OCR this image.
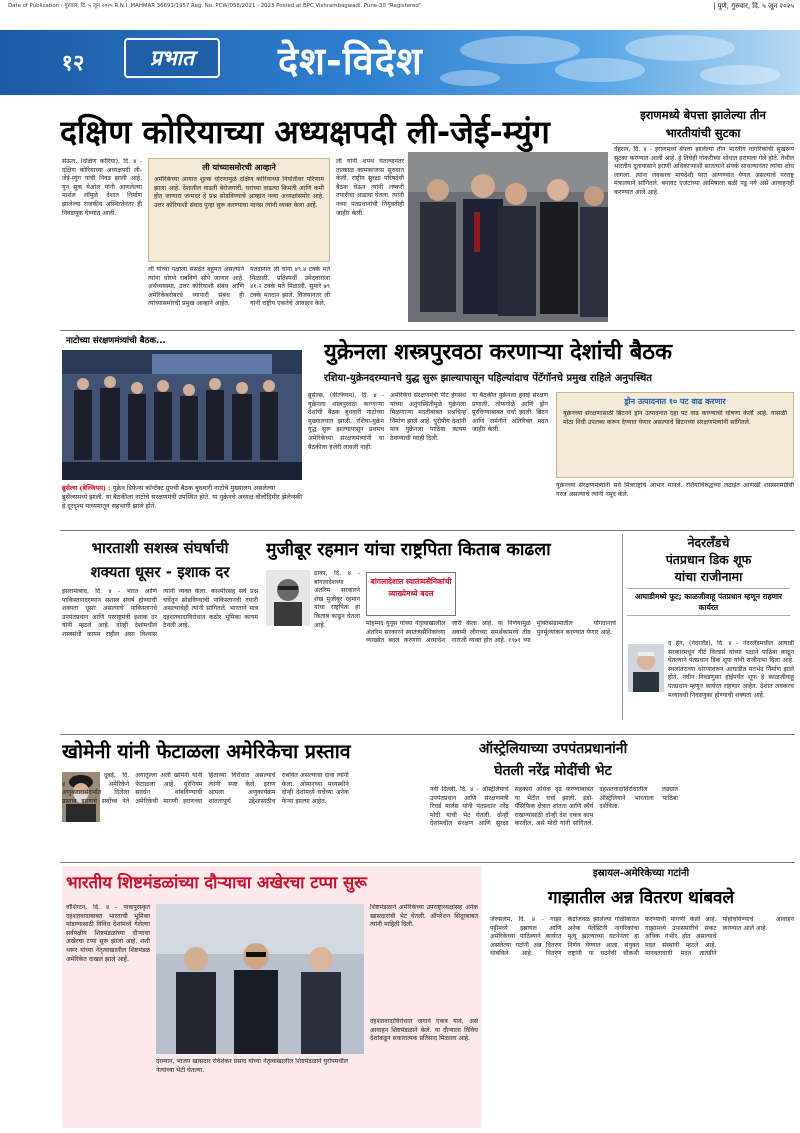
Date of Publication : गुरुवार, दि. ५ जून २०२५ R.N.I. MAHMAR 36691/1957 Reg. No. PCW/058/2021 - 2023 Posted at BPC Vishrambagwadi, Pune-30 "Registered"	| पुणे, गुरुवार, दि. ५ जून २०२५
१२	प्रभात देश-विदेश
दक्षिण कोरियाच्या अध्यक्षपदी ली-जेई-म्युंग
सेऊल, (दक्षिण कोरिया), दि. ४ - दक्षिण कोरियाच्या अध्यक्षपदी ली-जेई-म्युंग यांची निवड झाली आहे. युन सुक येओल यांनी आणलेल्या मार्शल लॉमुळे देशात निर्माण झालेल्या राजकीय अस्थिरतेनंतर ही निवडणूक घेण्यात आली.
ली यांच्या पक्षाला संसदेत बहुमत असल्याने त्यांना धोरणे राबविणे सोपे जाणार आहे. अर्थव्यवस्था, उत्तर कोरियाशी संबंध आणि अमेरिकेबरोबरचे व्यापारी संबंध ही त्यांच्यासमोरची प्रमुख आव्हाने आहेत.
ली यांच्यासमोरची आव्हाने
अमेरिकेच्या आयात शुल्क धोरणामुळे दक्षिण कोरियाच्या निर्यातीवर परिणाम झाला आहे. देशातील वाढती बेरोजगारी, घरांच्या वाढत्या किमती आणि कमी होत जाणारा जन्मदर हे प्रश्न सोडविण्याचे आव्हान नव्या अध्यक्षांसमोर आहे. उत्तर कोरियाशी संवाद पुन्हा सुरू करण्याचा मानस त्यांनी व्यक्त केला आहे.
मतदानात ली यांना ४९.४ टक्के मते मिळाली. प्रतिस्पर्धी उमेदवाराला ४१.२ टक्के मते मिळाली. सुमारे ७९ टक्के मतदान झाले. विजयानंतर ली यांनी राष्ट्रीय एकतेचे आवाहन केले.
ली यांनी शपथ घेतल्यानंतर तात्काळ कामकाजास सुरुवात केली. राष्ट्रीय सुरक्षा परिषदेची बैठक घेऊन त्यांनी लष्करी तयारीचा आढावा घेतला. त्यांनी नव्या पंतप्रधानांची नियुक्तीही जाहीर केली.
इराणमध्ये बेपत्ता झालेल्या तीन भारतीयांची सुटका
तेहरान, दि. ४ - इराणमध्ये बेपत्ता झालेल्या तीन भारतीय नागरिकांची सुखरूप सुटका करण्यात आली आहे. हे तिघेही नोकरीच्या शोधात इराणला गेले होते. तेथील भारतीय दूतावासाने इराणी अधिकाऱ्यांशी सातत्याने संपर्क साधल्यानंतर त्यांचा शोध लागला. त्यांना लवकरच मायदेशी परत आणण्यात येणार असल्याचे परराष्ट्र मंत्रालयाने सांगितले. बनावट एजंटांच्या आमिषाला बळी पडू नये असे आवाहनही करण्यात आले आहे.
नाटोच्या संरक्षणमंत्र्यांची बैठक...
ब्रुसेल्स (बेल्जियम) : युक्रेन डिफेन्स कॉन्टॅक्ट ग्रुपची बैठक बुधवारी नाटोचे मुख्यालय असलेल्या ब्रुसेल्समध्ये झाली. या बैठकीला नाटोचे संरक्षणमंत्री उपस्थित होते. या युक्रेनचे अध्यक्ष वोलोदिमीर झेलेन्स्की हे दूरदृश्य माध्यमातून सहभागी झाले होते.
युक्रेनला शस्त्रपुरवठा करणाऱ्या देशांची बैठक
रशिया-युक्रेनदरम्यानचे युद्ध सुरू झाल्यापासून पहिल्यांदाच पेंटॅगॉनचे प्रमुख राहिले अनुपस्थित
ब्रुसेल्स, (बेल्जियम), दि. ४ - युक्रेनला शस्त्रपुरवठा करणाऱ्या देशांची बैठक बुधवारी नाटोच्या मुख्यालयात झाली. रशिया-युक्रेन युद्ध सुरू झाल्यापासून प्रथमच अमेरिकेच्या संरक्षणमंत्र्यांनी या बैठकीला हजेरी लावली नाही.
अमेरिकेचे संरक्षणमंत्री पीट हेगसेथ यांच्या अनुपस्थितीमुळे युक्रेनला मिळणाऱ्या मदतीबाबत प्रश्नचिन्ह निर्माण झाले आहे. युरोपीय देशांनी मात्र युक्रेनला पाठिंबा कायम ठेवण्याची ग्वाही दिली.
या बैठकीत युक्रेनला हवाई संरक्षण प्रणाली, तोफगोळे आणि ड्रोन पुरविण्याबाबत चर्चा झाली. ब्रिटन आणि जर्मनीने अतिरिक्त मदत जाहीर केली.
ड्रोन उत्पादनात १० पट वाढ करणार
युक्रेनच्या संरक्षणासाठी ब्रिटनने ड्रोन उत्पादनात दहा पट वाढ करण्याची घोषणा केली आहे. यासाठी मोठा निधी उपलब्ध करून देण्यात येणार असल्याचे ब्रिटनच्या संरक्षणमंत्र्यांनी सांगितले.
युक्रेनच्या संरक्षणमंत्र्यांनी सर्व मित्रराष्ट्रांचे आभार मानले. रशियाविरुद्धच्या लढाईत आणखी शस्त्रसामग्रीची गरज असल्याचे त्यांनी नमूद केले.
भारताशी सशस्त्र संघर्षाची
शक्यता धूसर - इशाक दर
इस्लामाबाद, दि. ४ - भारत आणि पाकिस्तानदरम्यान सशस्त्र संघर्ष होण्याची शक्यता धूसर असल्याचे पाकिस्तानचे उपपंतप्रधान आणि परराष्ट्रमंत्री इशाक दर यांनी म्हटले आहे. दोन्ही देशांमधील शस्त्रसंधी कायम राहील असा विश्वास त्यांनी व्यक्त केला. काश्मीरसह सर्व प्रश्न चर्चेतून सोडविण्याची पाकिस्तानची तयारी असल्याचेही त्यांनी सांगितले. भारताने मात्र दहशतवादाविरोधात कठोर भूमिका कायम ठेवली आहे.
मुजीबूर रहमान यांचा राष्ट्रपिता किताब काढला
ढाका, दि. ४ - बांगलादेशच्या अंतरिम सरकारने शेख मुजीबूर रहमान यांचा राष्ट्रपिता हा किताब काढून घेतला आहे.
बांगलादेशात स्वातंत्र्यसैनिकांची व्याख्येमध्ये बदल
मोहम्मद युनूस यांच्या नेतृत्वाखालील अंतरिम सरकारने स्वातंत्र्यसैनिकांच्या व्याख्येत बदल करणारा अध्यादेश जारी केला आहे. या निर्णयामुळे अवामी लीगच्या समर्थकांमध्ये तीव्र नाराजी व्यक्त होत आहे. १९७१ च्या मुक्तिसंग्रामातील योगदानाचे पुनर्मूल्यांकन करण्यात येणार आहे.
नेदरलॅंडचे
पंतप्रधान डिक शूफ
यांचा राजीनामा
आघाडीमध्ये फूट; काळजीवाहू पंतप्रधान म्हणून राहणार कार्यरत
द हेग, (नेदरलॅंड), दि. ४ - नेदरलॅंडमधील आघाडी सरकारमधून गीर्ट विल्डर्स यांच्या पक्षाने पाठिंबा काढून घेतल्याने पंतप्रधान डिक शूफ यांनी राजीनामा दिला आहे. स्थलांतराच्या धोरणावरून आघाडीत मतभेद निर्माण झाले होते. नवीन निवडणुका होईपर्यंत शूफ हे काळजीवाहू पंतप्रधान म्हणून कार्यरत राहणार आहेत. देशात लवकरच मध्यावधी निवडणुका होण्याची शक्यता आहे.
खोमेनी यांनी फेटाळला अमेरिकेचा प्रस्ताव
दुबई, दि. ४ - अमेरिकेने अणुकरारासंदर्भात दिलेला प्रस्ताव इराणचे सर्वोच्च नेते अयातुल्ला अली खोमेनी यांनी फेटाळला आहे. युरेनियम संवर्धन थांबविण्याची अमेरिकेची मागणी इराणच्या हिताच्या विरोधात असल्याचे त्यांनी स्पष्ट केले. इराण आपला अणुकार्यक्रम शांततापूर्ण उद्देशासाठीच राबवित असल्याचा दावा त्यांनी केला. ओमानच्या मध्यस्थीने दोन्ही देशांमध्ये चर्चेच्या अनेक फेऱ्या झाल्या आहेत.
ऑस्ट्रेलियाच्या उपपंतप्रधानांनी
घेतली नरेंद्र मोदींची भेट
नवी दिल्ली, दि. ४ - ऑस्ट्रेलियाचे उपपंतप्रधान आणि संरक्षणमंत्री रिचर्ड मार्लस यांनी पंतप्रधान नरेंद्र मोदी यांची भेट घेतली. दोन्ही देशांमधील संरक्षण आणि सुरक्षा सहकार्य अधिक दृढ करण्याबाबत या भेटीत चर्चा झाली. इंडो-पॅसिफिक क्षेत्रात शांतता आणि स्थैर्य राखण्यासाठी दोन्ही देश एकत्र काम करतील, असे मोदी यांनी सांगितले. दहशतवादाविरोधातील लढ्यात ऑस्ट्रेलियाने भारताला पाठिंबा दर्शविला.
भारतीय शिष्टमंडळांच्या दौऱ्याचा अखेरचा टप्पा सुरू
वॉशिंग्टन, दि. ४ - पाकपुरस्कृत दहशतवादाबाबत भारताची भूमिका मांडण्यासाठी विविध देशांमध्ये गेलेल्या सर्वपक्षीय शिष्टमंडळांच्या दौऱ्याचा अखेरचा टप्पा सुरू झाला आहे. शशी थरूर यांच्या नेतृत्वाखालील शिष्टमंडळ अमेरिकेत दाखल झाले आहे.
दरम्यान, भाजप खासदार रविशंकर प्रसाद यांच्या नेतृत्वाखालील शिष्टमंडळाने युरोपमधील नेत्यांच्या भेटी घेतल्या.
शिष्टमंडळाने अमेरिकेच्या उपराष्ट्राध्यक्षांसह अनेक खासदारांची भेट घेतली. ऑपरेशन सिंदूरबाबत त्यांनी माहिती दिली.
दहशतवादाविरोधात जगाने एकत्र यावे, असे आवाहन शिष्टमंडळाने केले. या दौऱ्याला विविध देशांकडून सकारात्मक प्रतिसाद मिळाला आहे.
इस्रायल-अमेरिकेच्या गटांनी
गाझातील अन्न वितरण थांबवले
जेरुसलेम, दि. ४ - गाझा पट्टीमध्ये इस्रायल आणि अमेरिकेच्या पाठिंब्याने कार्यरत असलेल्या गटांनी अन्न वितरण थांबविले आहे. वितरण केंद्रांजवळ झालेल्या गोळीबारात अनेक पॅलेस्टिनी नागरिकांचा मृत्यू झाल्याच्या घटनेनंतर हा निर्णय घेण्यात आला. संयुक्त राष्ट्रांनी या घटनेची चौकशी करण्याची मागणी केली आहे. गाझामध्ये उपासमारीचे संकट अधिक गंभीर होत असल्याचे मदत संस्थांनी म्हटले आहे. मानवतावादी मदत तातडीने पोहोचविण्याचे आवाहन करण्यात आले आहे.
